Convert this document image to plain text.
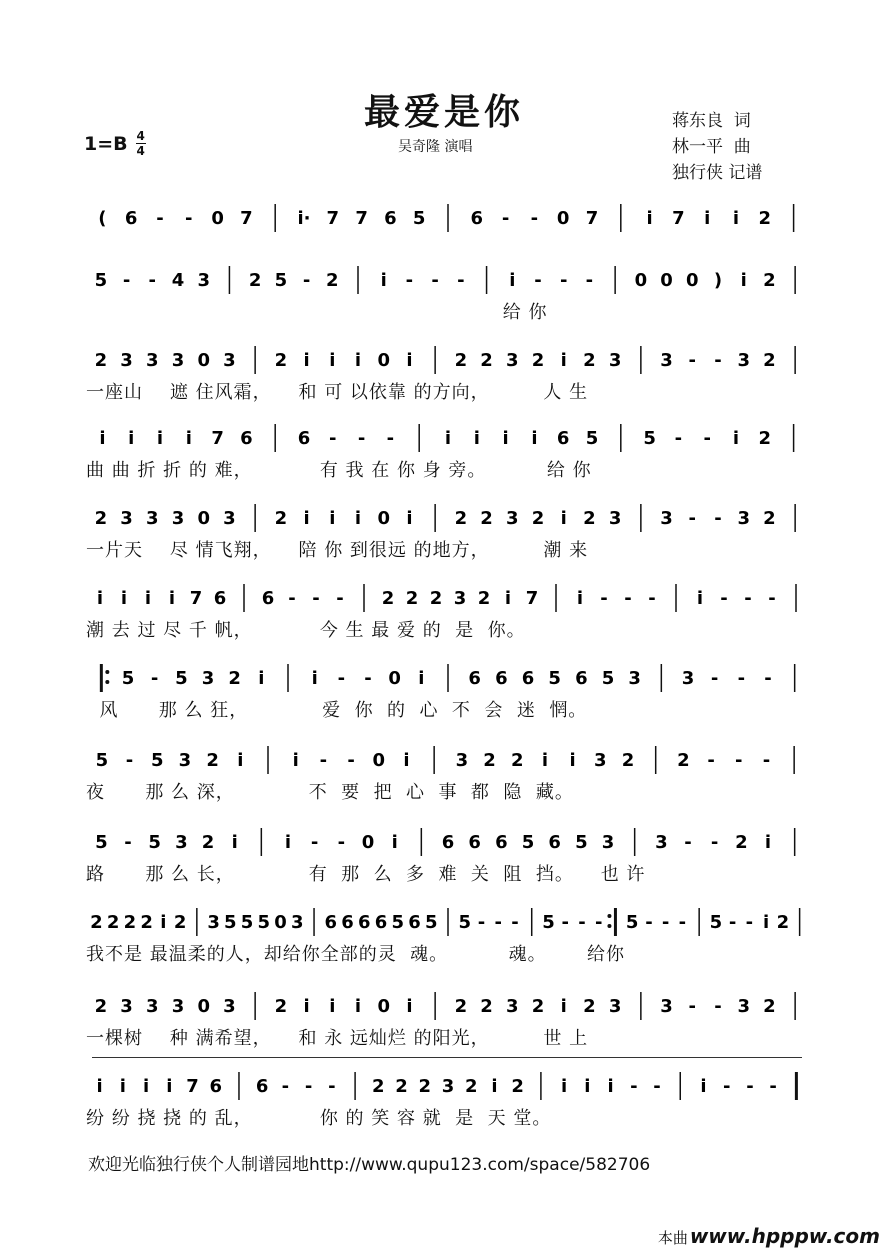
最爱是你
吴奇隆 演唱
蒋东良  词
林一平  曲
独行侠 记谱
$1=B \frac{4}{4}$
( 6 - - 0 7 i· 7 7 6 5	6 - - 0 7	i 7 i i 2
5 - - 4 3 2 5 - 2 i - - - i - - - 0 0 0 ) i 2
给 你
2 3 3 3 0 3 2 i i i 0 i 2 2 3 2 i 2 3 3 - - 3 2
一座山    遮 住风霜，    和 可 以依靠 的方向，        人 生
i i i i 7 6	6 - - -	i i i i 6 5	5 - - i 2
曲 曲 折 折 的 难，          有 我 在 你 身 旁。         给 你
2 3 3 3 0 3 2 i i i 0 i 2 2 3 2 i 2 3 3 - - 3 2
一片天    尽 情飞翔，    陪 你 到很远 的地方，        潮 来
i i i i 7 6 6 - - - 2 2 2 3 2 i 7 i - - - i - - -
潮 去 过 尽 千 帆，          今 生 最 爱 的  是  你。
5 - 5 3 2 i	i - - 0 i 6 6 6 5 6 5 3 3 - - -
风      那 么 狂，           爱  你  的  心  不  会  迷  惘。
5 - 5 3 2 i	i - - 0 i	3 2 2 i i 3 2 2 - - -
夜      那 么 深，           不  要  把  心  事  都  隐  藏。
5 - 5 3 2 i	i - - 0 i 6 6 6 5 6 5 3 3 - - 2 i
路      那 么 长，           有  那  么  多  难  关  阻  挡。    也 许
2 2 2 2 i 2 3 5 5 5 0 3 6 6 6 6 5 6 5 5 - - - 5 - - - 5 - - - 5 - - i 2
我不是 最温柔的人，却给你全部的灵  魂。         魂。      给你
2 3 3 3 0 3 2 i i i 0 i 2 2 3 2 i 2 3 3 - - 3 2
一棵树    种 满希望，    和 永 远灿烂 的阳光，        世 上
i i i i 7 6 6 - - - 2 2 2 3 2 i 2 i i i - - i - - -
纷 纷 挠 挠 的 乱，          你 的 笑 容 就  是  天 堂。
欢迎光临独行侠个人制谱园地http://www.qupu123.com/space/582706
本曲 www.hpppw.com
